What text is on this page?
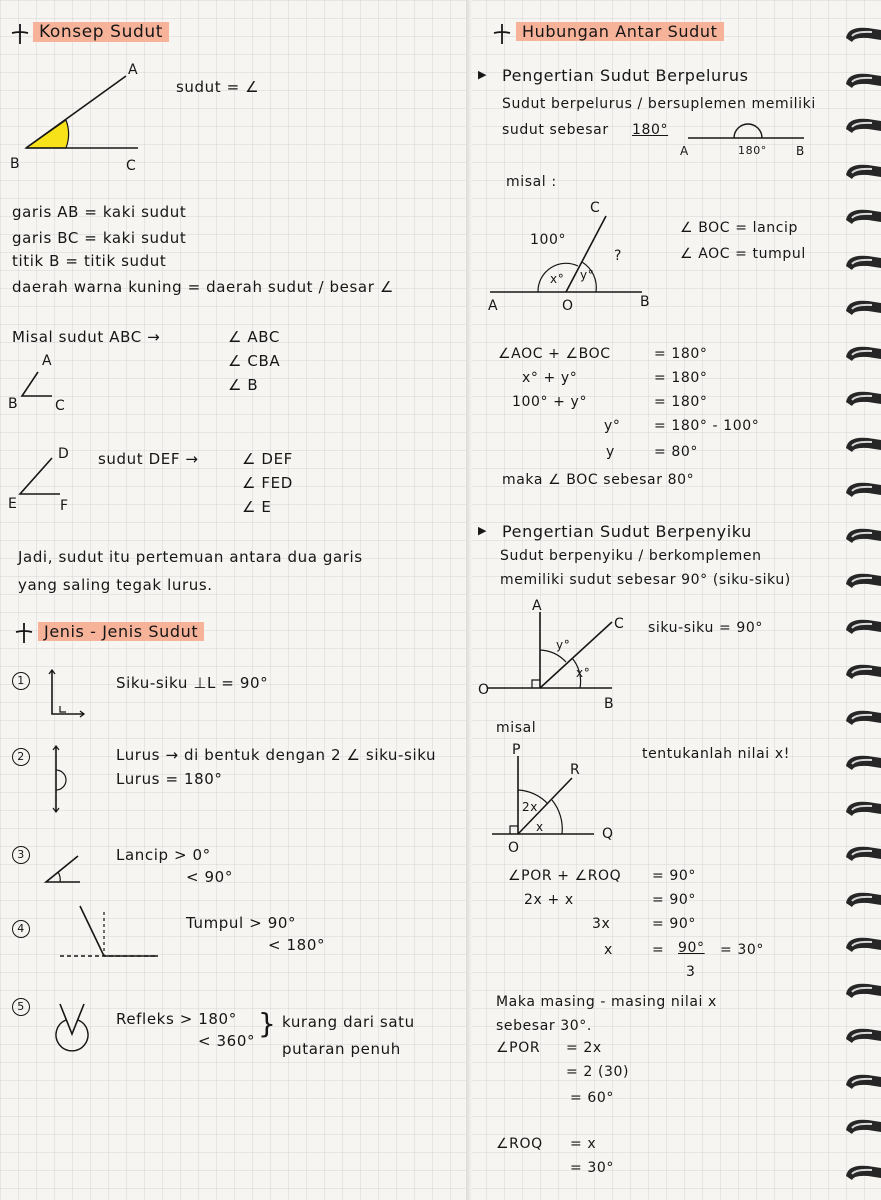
Konsep Sudut
A
B	C
sudut = ∠
garis AB = kaki sudut
garis BC = kaki sudut
titik B = titik sudut
daerah warna kuning = daerah sudut / besar ∠
Misal sudut ABC →	∠ ABC
∠ CBA
∠ B
A
B	C
D
E	F
sudut DEF →	∠ DEF
∠ FED
∠ E
Jadi, sudut itu pertemuan antara dua garis
yang saling tegak lurus.
Jenis - Jenis Sudut
1	Siku-siku ⊥L = 90°
2	Lurus → di bentuk dengan 2 ∠ siku-siku
Lurus = 180°
3	Lancip > 0°
< 90°
4	Tumpul > 90°
< 180°
5
Refleks > 180°
< 360°
} kurang dari satu
putaran penuh
Hubungan Antar Sudut
▶ Pengertian Sudut Berpelurus
Sudut berpelurus / bersuplemen memiliki
sudut sebesar 180°
A	180° B
misal :
C
100°
?
x° y°
A	O	B
∠ BOC = lancip
∠ AOC = tumpul
∠AOC + ∠BOC	= 180°
x° + y°	= 180°
100° + y°	= 180°
y° = 180° - 100°
y	= 80°
maka ∠ BOC sebesar 80°
▶ Pengertian Sudut Berpenyiku
Sudut berpenyiku / berkomplemen
memiliki sudut sebesar 90° (siku-siku)
A
C
O
B
y°
x°
siku-siku = 90°
misal
P
R
Q
O
2x
x
tentukanlah nilai x!
∠POR + ∠ROQ = 90°
2x + x	= 90°
3x	= 90°
x	= 90°
3
= 30°
Maka masing - masing nilai x
sebesar 30°.
∠POR = 2x
= 2 (30)
= 60°
∠ROQ = x
= 30°
